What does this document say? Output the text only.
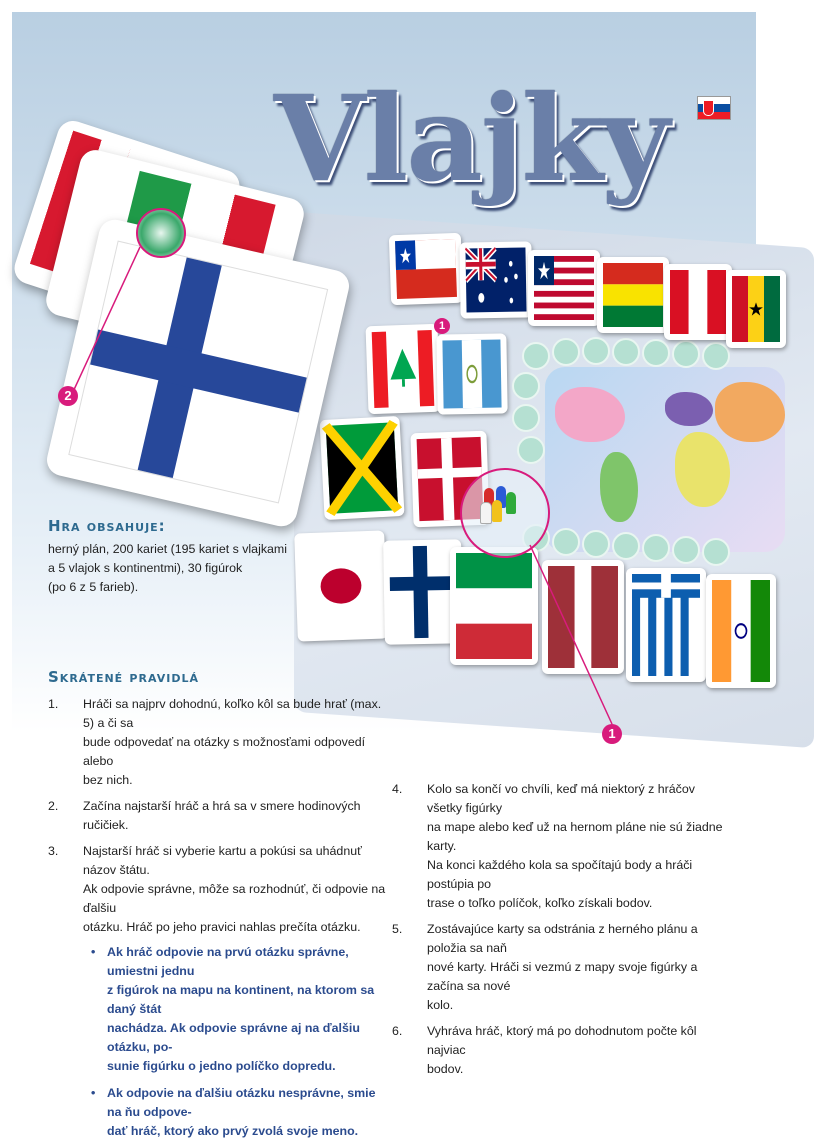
1
2
1
Vlajky
Hra obsahuje:
herný plán, 200 kariet (195 kariet s vlajkami
a 5 vlajok s kontinentmi), 30 figúrok
(po 6 z 5 farieb).
Skrátené pravidlá
1. Hráči sa najprv dohodnú, koľko kôl sa bude hrať (max. 5) a či sa
bude odpovedať na otázky s možnosťami odpovedí alebo
bez nich.
2. Začína najstarší hráč a hrá sa v smere hodinových ručičiek.
3. Najstarší hráč si vyberie kartu a pokúsi sa uhádnuť názov štátu.
Ak odpovie správne, môže sa rozhodnúť, či odpovie na ďalšiu
otázku. Hráč po jeho pravici nahlas prečíta otázku.
• Ak hráč odpovie na prvú otázku správne, umiestni jednu
z figúrok na mapu na kontinent, na ktorom sa daný štát
nachádza. Ak odpovie správne aj na ďalšiu otázku, po-
sunie figúrku o jedno políčko dopredu.
• Ak odpovie na ďalšiu otázku nesprávne, smie na ňu odpove-
dať hráč, ktorý ako prvý zvolá svoje meno.
4. Kolo sa končí vo chvíli, keď má niektorý z hráčov všetky figúrky
na mape alebo keď už na hernom pláne nie sú žiadne karty.
Na konci každého kola sa spočítajú body a hráči postúpia po
trase o toľko políčok, koľko získali bodov.
5. Zostávajúce karty sa odstránia z herného plánu a položia sa naň
nové karty. Hráči si vezmú z mapy svoje figúrky a začína sa nové
kolo.
6. Vyhráva hráč, ktorý má po dohodnutom počte kôl najviac
bodov.
